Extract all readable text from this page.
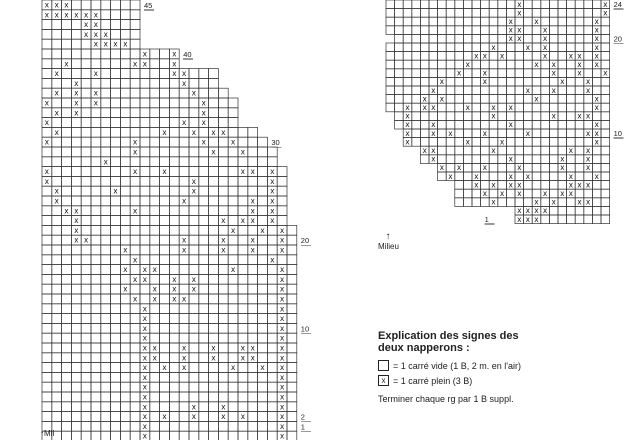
x x x
x x x x x x
x x
x x x
x x x x
x	x
x	x x	x
x	x	x x
x	x
x x x	x
x	x x	x
x x	x
x	x x
x	x	x x x
x	x	x	x
x	x	x
x
x	x	x	x x x
x	x	x
x	x	x	x
x	x	x x
x x	x	x x
x	x x x x
x	x	x x
x x	x	x	x	x
x	x	x	x	x
x	x
x x x	x	x
x x	x x	x
x	x x x	x
x x x x	x
x	x
x	x
x	x
x	x
x x	x	x	x x	x
x x	x	x	x x	x
x x x	x	x x
x	x
x	x
x	x
x	x	x	x
x x	x	x x	x
x	x
x	x
45
40
30
20
10
2
1
x	x
x	x
x	x	x
x x	x	x
x x	x	x
x	x x	x
x x x	x	x x x
x	x x	x x
x	x	x	x	x
x	x	x	x
x	x	x	x
x x	x	x
x x x	x	x x	x
x	x	x	x x
x	x	x	x
x	x x	x	x	x x
x	x	x	x
x x	x	x x
x	x	x	x
x x	x	x	x	x
x	x	x x	x	x
x x x x	x x x
x x x	x x x
x	x x	x x
x x x x
x x x
24
20
10
1
↑
Milieu
↑Mil
Explication des signes des
deux napperons :
= 1 carré vide (1 B, 2 m. en l'air)
x = 1 carré plein (3 B)
Terminer chaque rg par 1 B suppl.
